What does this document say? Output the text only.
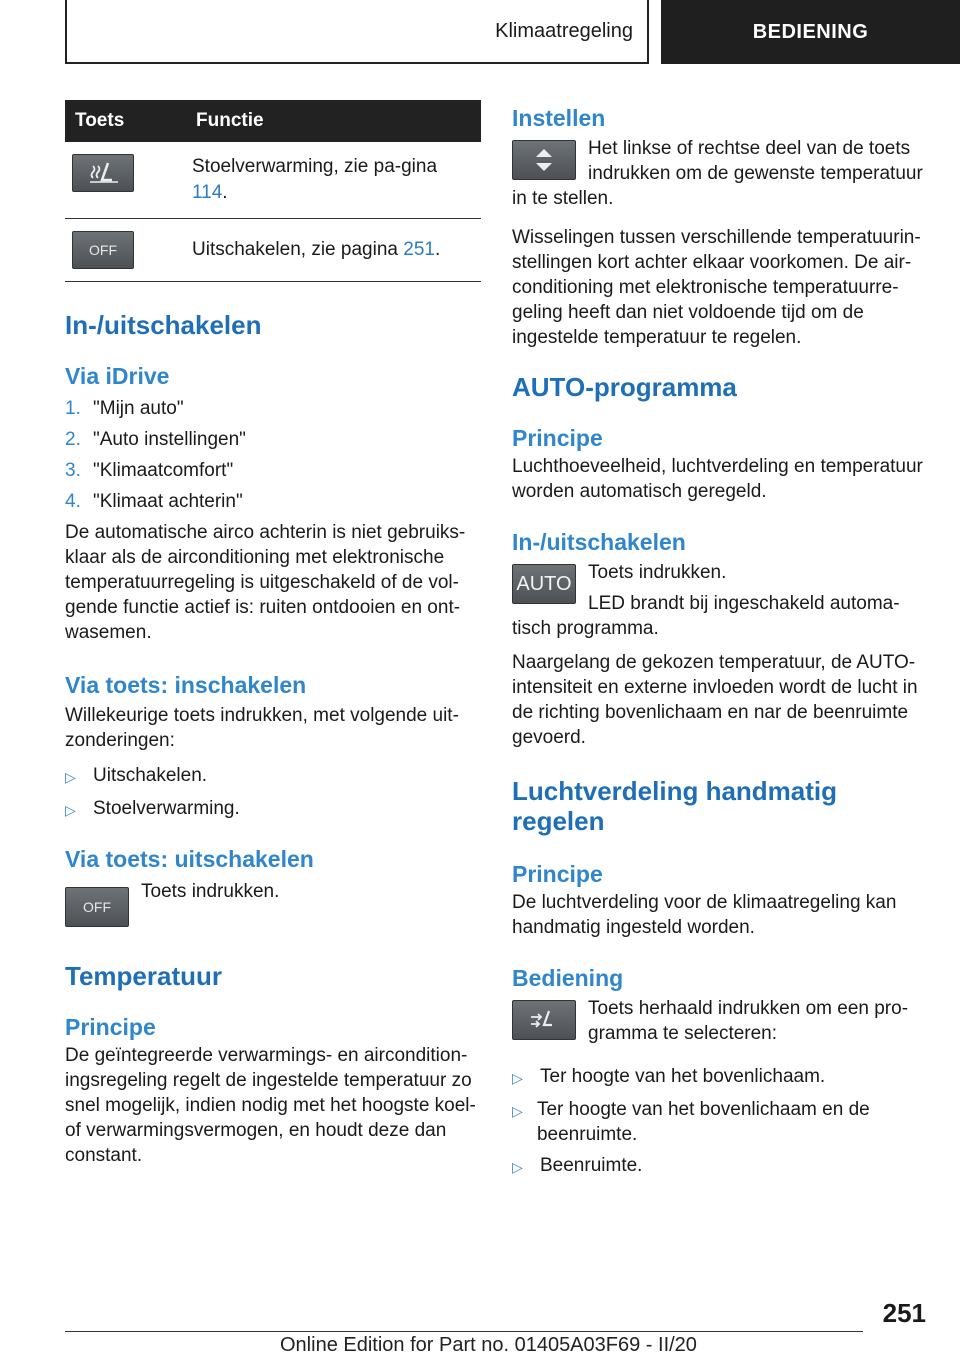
Klimaatregeling	BEDIENING
Toets	Functie

	Stoelverwarming, zie pa-gina 114.
OFF	Uitschakelen, zie pagina 251.
In-/uitschakelen
Via iDrive
1. "Mijn auto"
2. "Auto instellingen"
3. "Klimaatcomfort"
4. "Klimaat achterin"

De automatische airco achterin is niet gebruiks-klaar als de airconditioning met elektronische temperatuurregeling is uitgeschakeld of de vol-gende functie actief is: ruiten ontdooien en ont-wasemen.

Via toets: inschakelen

Willekeurige toets indrukken, met volgende uit-zonderingen:

▷ Uitschakelen.
▷ Stoelverwarming.
Via toets: uitschakelen
OFF

Toets indrukken.

Temperatuur
Principe

De geïntegreerde verwarmings- en aircondition-ingsregeling regelt de ingestelde temperatuur zo snel mogelijk, indien nodig met het hoogste koel-of verwarmingsvermogen, en houdt deze dan constant.

Instellen

Het linkse of rechtse deel van de toets indrukken om de gewenste temperatuur in te stellen.

Wisselingen tussen verschillende temperatuurin-stellingen kort achter elkaar voorkomen. De air-conditioning met elektronische temperatuurre-geling heeft dan niet voldoende tijd om de ingestelde temperatuur te regelen.

AUTO-programma
Principe

Luchthoeveelheid, luchtverdeling en temperatuur worden automatisch geregeld.

In-/uitschakelen
AUTO Toets indrukken.

LED brandt bij ingeschakeld automa-tisch programma.

Naargelang de gekozen temperatuur, de AUTO-intensiteit en externe invloeden wordt de lucht in de richting bovenlichaam en nar de beenruimte gevoerd.

Luchtverdeling handmatig regelen
Principe

De luchtverdeling voor de klimaatregeling kan handmatig ingesteld worden.

Bediening

Toets herhaald indrukken om een pro-gramma te selecteren:

▷ Ter hoogte van het bovenlichaam.
▷ Ter hoogte van het bovenlichaam en de beenruimte.
▷ Beenruimte.
251
Online Edition for Part no. 01405A03F69 - II/20
